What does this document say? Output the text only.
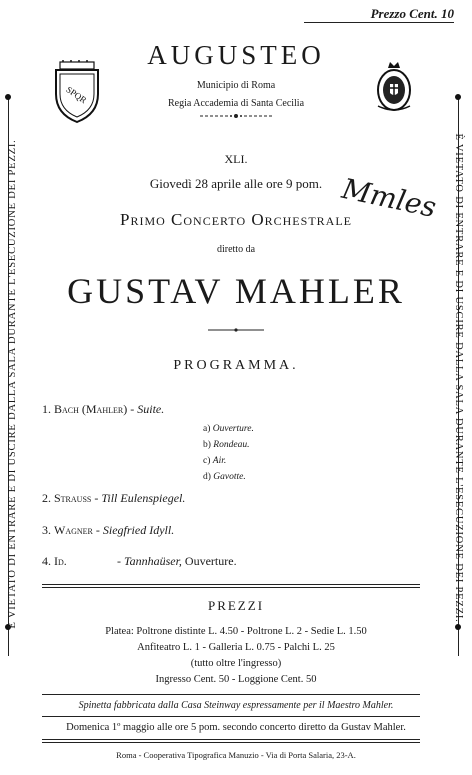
Prezzo Cent. 10
È VIETATO DI ENTRARE E DI USCIRE DALLA SALA DURANTE L'ESECUZIONE DEI PEZZI.	È VIETATO DI ENTRARE E DI USCIRE DALLA SALA DURANTE L'ESECUZIONE DEI PEZZI.
SPQR
AUGUSTEO
Municipio di Roma
Regia Accademia di Santa Cecilia
XLI.
Giovedì 28 aprile alle ore 9 pom. Mmles
Primo Concerto Orchestrale
diretto da
GUSTAV MAHLER
PROGRAMMA.
1. Bach (Mahler) - Suite.
a) Ouverture.
b) Rondeau.
c) Air.
d) Gavotte.
2. Strauss - Till Eulenspiegel.
3. Wagner - Siegfried Idyll.
4. Id.	- Tannhaüser, Ouverture.
PREZZI
Platea: Poltrone distinte L. 4.50 - Poltrone L. 2 - Sedie L. 1.50
Anfiteatro L. 1 - Galleria L. 0.75 - Palchi L. 25
(tutto oltre l'ingresso)
Ingresso Cent. 50 - Loggione Cent. 50
Spinetta fabbricata dalla Casa Steinway espressamente per il Maestro Mahler.
Domenica 1º maggio alle ore 5 pom. secondo concerto diretto da Gustav Mahler.
Roma - Cooperativa Tipografica Manuzio - Via di Porta Salaria, 23-A.
